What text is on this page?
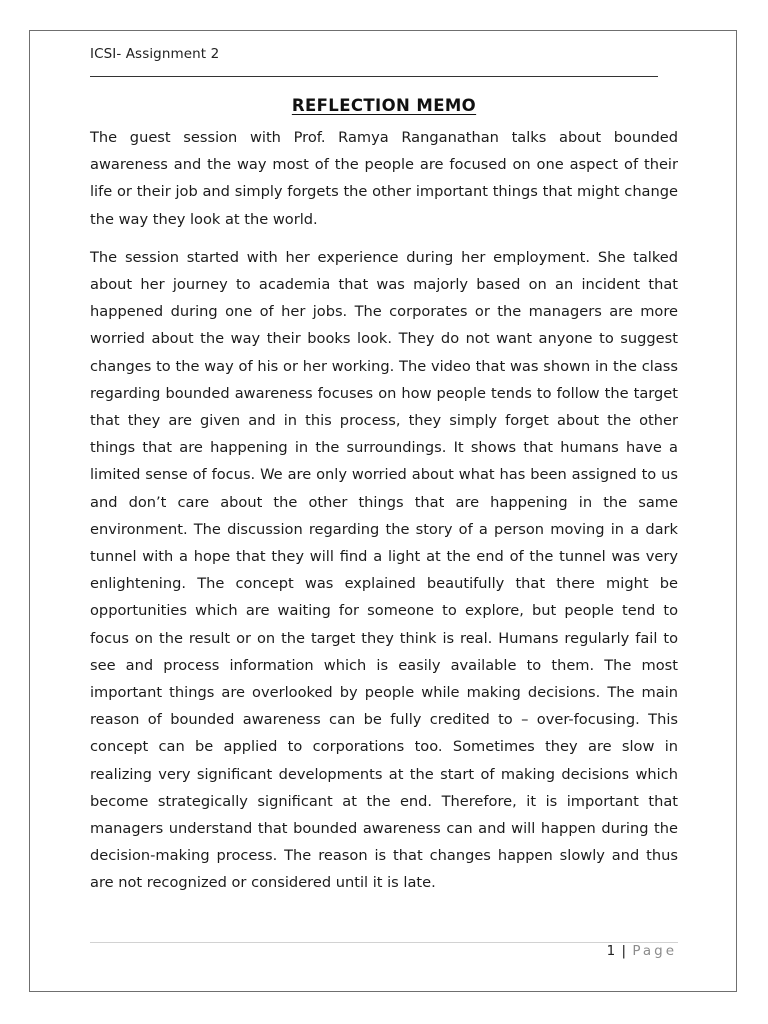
ICSI- Assignment 2
REFLECTION MEMO

The guest session with Prof. Ramya Ranganathan talks about bounded awareness and the way most of the people are focused on one aspect of their life or their job and simply forgets the other important things that might change the way they look at the world.

The session started with her experience during her employment. She talked about her journey to academia that was majorly based on an incident that happened during one of her jobs. The corporates or the managers are more worried about the way their books look. They do not want anyone to suggest changes to the way of his or her working. The video that was shown in the class regarding bounded awareness focuses on how people tends to follow the target that they are given and in this process, they simply forget about the other things that are happening in the surroundings. It shows that humans have a limited sense of focus. We are only worried about what has been assigned to us and don’t care about the other things that are happening in the same environment. The discussion regarding the story of a person moving in a dark tunnel with a hope that they will find a light at the end of the tunnel was very enlightening. The concept was explained beautifully that there might be opportunities which are waiting for someone to explore, but people tend to focus on the result or on the target they think is real. Humans regularly fail to see and process information which is easily available to them. The most important things are overlooked by people while making decisions. The main reason of bounded awareness can be fully credited to – over-focusing. This concept can be applied to corporations too. Sometimes they are slow in realizing very significant developments at the start of making decisions which become strategically significant at the end. Therefore, it is important that managers understand that bounded awareness can and will happen during the decision-making process. The reason is that changes happen slowly and thus are not recognized or considered until it is late.

1 | Page
